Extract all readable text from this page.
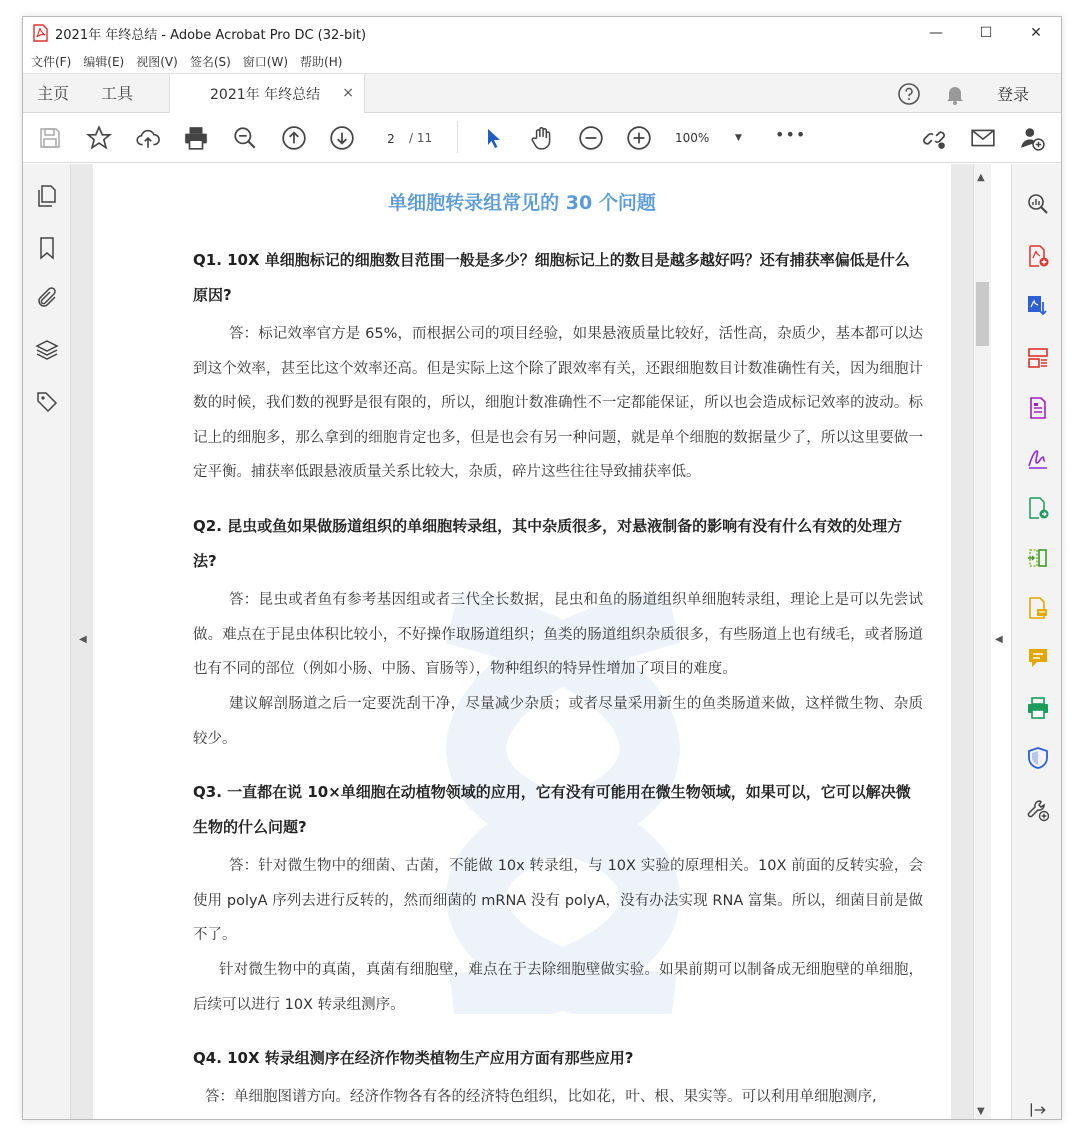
2021年 年终总结 - Adobe Acrobat Pro DC (32-bit)	—	☐	✕
文件(F) 编辑(E) 视图(V) 签名(S) 窗口(W) 帮助(H)
主页 工具	2021年 年终总结 ×	登录
2	/ 11	100%	▼ •••
◀
单细胞转录组常见的 30 个问题
Q1. 10X 单细胞标记的细胞数目范围一般是多少？细胞标记上的数目是越多越好吗？还有捕获率偏低是什么原因?
答：标记效率官方是 65%，而根据公司的项目经验，如果悬液质量比较好，活性高，杂质少，基本都可以达到这个效率，甚至比这个效率还高。但是实际上这个除了跟效率有关，还跟细胞数目计数准确性有关，因为细胞计数的时候，我们数的视野是很有限的，所以，细胞计数准确性不一定都能保证，所以也会造成标记效率的波动。标记上的细胞多，那么拿到的细胞肯定也多，但是也会有另一种问题，就是单个细胞的数据量少了，所以这里要做一定平衡。捕获率低跟悬液质量关系比较大，杂质，碎片这些往往导致捕获率低。
Q2. 昆虫或鱼如果做肠道组织的单细胞转录组，其中杂质很多，对悬液制备的影响有没有什么有效的处理方法?
答：昆虫或者鱼有参考基因组或者三代全长数据，昆虫和鱼的肠道组织单细胞转录组，理论上是可以先尝试做。难点在于昆虫体积比较小，不好操作取肠道组织；鱼类的肠道组织杂质很多，有些肠道上也有绒毛，或者肠道也有不同的部位（例如小肠、中肠、盲肠等），物种组织的特异性增加了项目的难度。
建议解剖肠道之后一定要洗刮干净，尽量减少杂质；或者尽量采用新生的鱼类肠道来做，这样微生物、杂质较少。
Q3. 一直都在说 10×单细胞在动植物领域的应用，它有没有可能用在微生物领域，如果可以，它可以解决微生物的什么问题?
答：针对微生物中的细菌、古菌，不能做 10x 转录组，与 10X 实验的原理相关。10X 前面的反转实验，会使用 polyA 序列去进行反转的，然而细菌的 mRNA 没有 polyA，没有办法实现 RNA 富集。所以，细菌目前是做不了。
针对微生物中的真菌，真菌有细胞壁，难点在于去除细胞壁做实验。如果前期可以制备成无细胞壁的单细胞，后续可以进行 10X 转录组测序。
Q4. 10X 转录组测序在经济作物类植物生产应用方面有那些应用?
答：单细胞图谱方向。经济作物各有各的经济特色组织，比如花，叶、根、果实等。可以利用单细胞测序,
▲
▼
◀
